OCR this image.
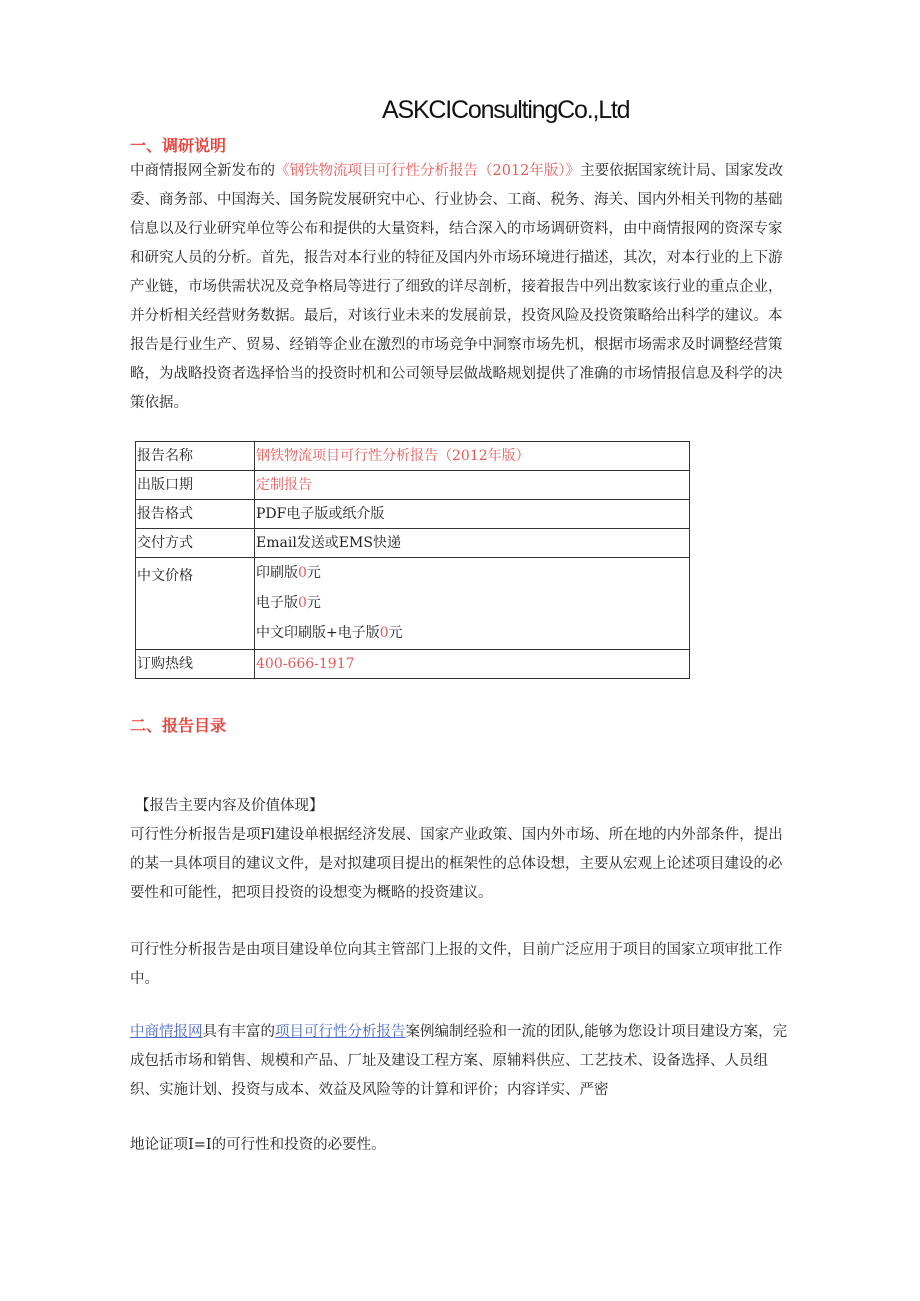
ASKCIConsultingCo.,Ltd
一、调研说明
中商情报网全新发布的《钢铁物流项目可行性分析报告（2012年版）》主要依据国家统计局、国家发改委、商务部、中国海关、国务院发展研究中心、行业协会、工商、税务、海关、国内外相关刊物的基础信息以及行业研究单位等公布和提供的大量资料，结合深入的市场调研资料，由中商情报网的资深专家和研究人员的分析。首先，报告对本行业的特征及国内外市场环境进行描述，其次，对本行业的上下游产业链，市场供需状况及竞争格局等进行了细致的详尽剖析，接着报告中列出数家该行业的重点企业，并分析相关经营财务数据。最后，对该行业未来的发展前景，投资风险及投资策略给出科学的建议。本报告是行业生产、贸易、经销等企业在激烈的市场竞争中洞察市场先机，根据市场需求及时调整经营策略，为战略投资者选择恰当的投资时机和公司领导层做战略规划提供了准确的市场情报信息及科学的决策依据。
报告名称	钢铁物流项目可行性分析报告（2012年版）
出版口期	定制报告
报告格式	PDF电子版或纸介版
交付方式	Email发送或EMS快递
中文价格	印刷版0元
电子版0元
中文印刷版+电子版0元

订购热线	400-666-1917
二、报告目录
【报告主要内容及价值体现】
可行性分析报告是项Fl建设单根据经济发展、国家产业政策、国内外市场、所在地的内外部条件，提出的某一具体项目的建议文件，是对拟建项目提出的框架性的总体设想，主要从宏观上论述项目建设的必要性和可能性，把项目投资的设想变为概略的投资建议。
可行性分析报告是由项目建设单位向其主管部门上报的文件，目前广泛应用于项目的国家立项审批工作中。
中商情报网具有丰富的项目可行性分析报告案例编制经验和一流的团队,能够为您设计项目建设方案，完成包括市场和销售、规模和产品、厂址及建设工程方案、原辅料供应、工艺技术、设备选择、人员组织、实施计划、投资与成本、效益及风险等的计算和评价；内容详实、严密
地论证项I=I的可行性和投资的必要性。
